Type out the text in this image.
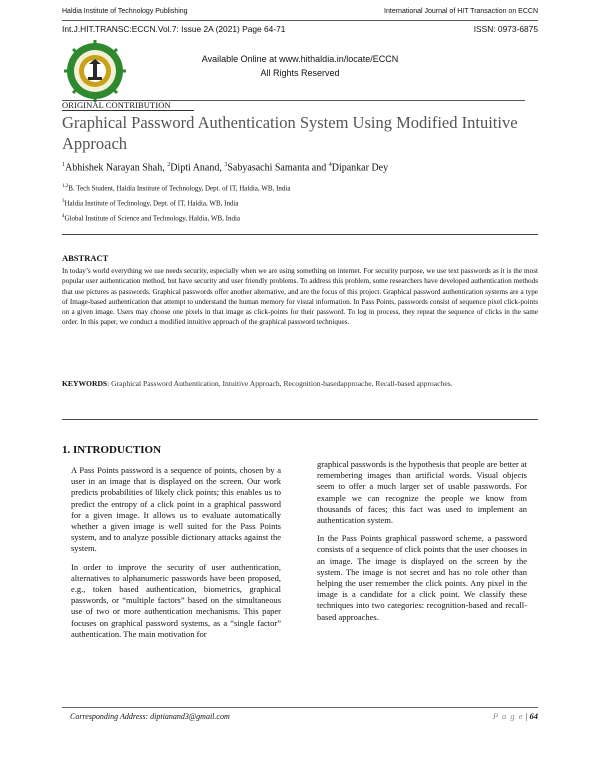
Haldia Institute of Technology Publishing	International Journal of HIT Transaction on ECCN
Int.J.HIT.TRANSC:ECCN.Vol.7: Issue 2A (2021) Page 64-71	ISSN: 0973-6875
Available Online at www.hithaldia.in/locate/ECCN
All Rights Reserved
ORIGINAL CONTRIBUTION
Graphical Password Authentication System Using Modified Intuitive Approach
$^1$Abhishek Narayan Shah, $^2$Dipti Anand, $^3$Sabyasachi Samanta and $^4$Dipankar Dey
$^{1,2}$B. Tech Student, Haldia Institute of Technology, Dept. of IT, Haldia, WB, India
$^3$Haldia Institute of Technology, Dept. of IT, Haldia, WB, India
$^4$Global Institute of Science and Technology, Haldia, WB, India
ABSTRACT
In today’s world everything we use needs security, especially when we are using something on internet. For security purpose, we use text passwords as it is the most popular user authentication method, but have security and user friendly problems. To address this problem, some researchers have developed authentication methods that use pictures as passwords. Graphical passwords offer another alternative, and are the focus of this project. Graphical password authentication systems are a type of Image-based authentication that attempt to understand the human memory for visual information. In Pass Points, passwords consist of sequence pixel click-points on a given image. Users may choose one pixels in that image as click-points for their password. To log in process, they repeat the sequence of clicks in the same order. In this paper, we conduct a modified intuitive approach of the graphical password techniques.
KEYWORDS: Graphical Password Authentication, Intuitive Approach, Recognition-basedapproache, Recall-based approaches.
1. INTRODUCTION

A Pass Points password is a sequence of points, chosen by a user in an image that is displayed on the screen. Our work predicts probabilities of likely click points; this enables us to predict the entropy of a click point in a graphical password for a given image. It allows us to evaluate automatically whether a given image is well suited for the Pass Points system, and to analyze possible dictionary attacks against the system.

In order to improve the security of user authentication, alternatives to alphanumeric passwords have been proposed, e.g., token based authentication, biometrics, graphical passwords, or “multiple factors” based on the simultaneous use of two or more authentication mechanisms. This paper focuses on graphical password systems, as a “single factor” authentication. The main motivation for

graphical passwords is the hypothesis that people are better at remembering images than artificial words. Visual objects seem to offer a much larger set of usable passwords. For example we can recognize the people we know from thousands of faces; this fact was used to implement an authentication system.

In the Pass Points graphical password scheme, a password consists of a sequence of click points that the user chooses in an image. The image is displayed on the screen by the system. The image is not secret and has no role other than helping the user remember the click points. Any pixel in the image is a candidate for a click point. We classify these techniques into two categories: recognition-based and recall-based approaches.

Corresponding Address: diptianand3@gmail.com	P a g e | 64
